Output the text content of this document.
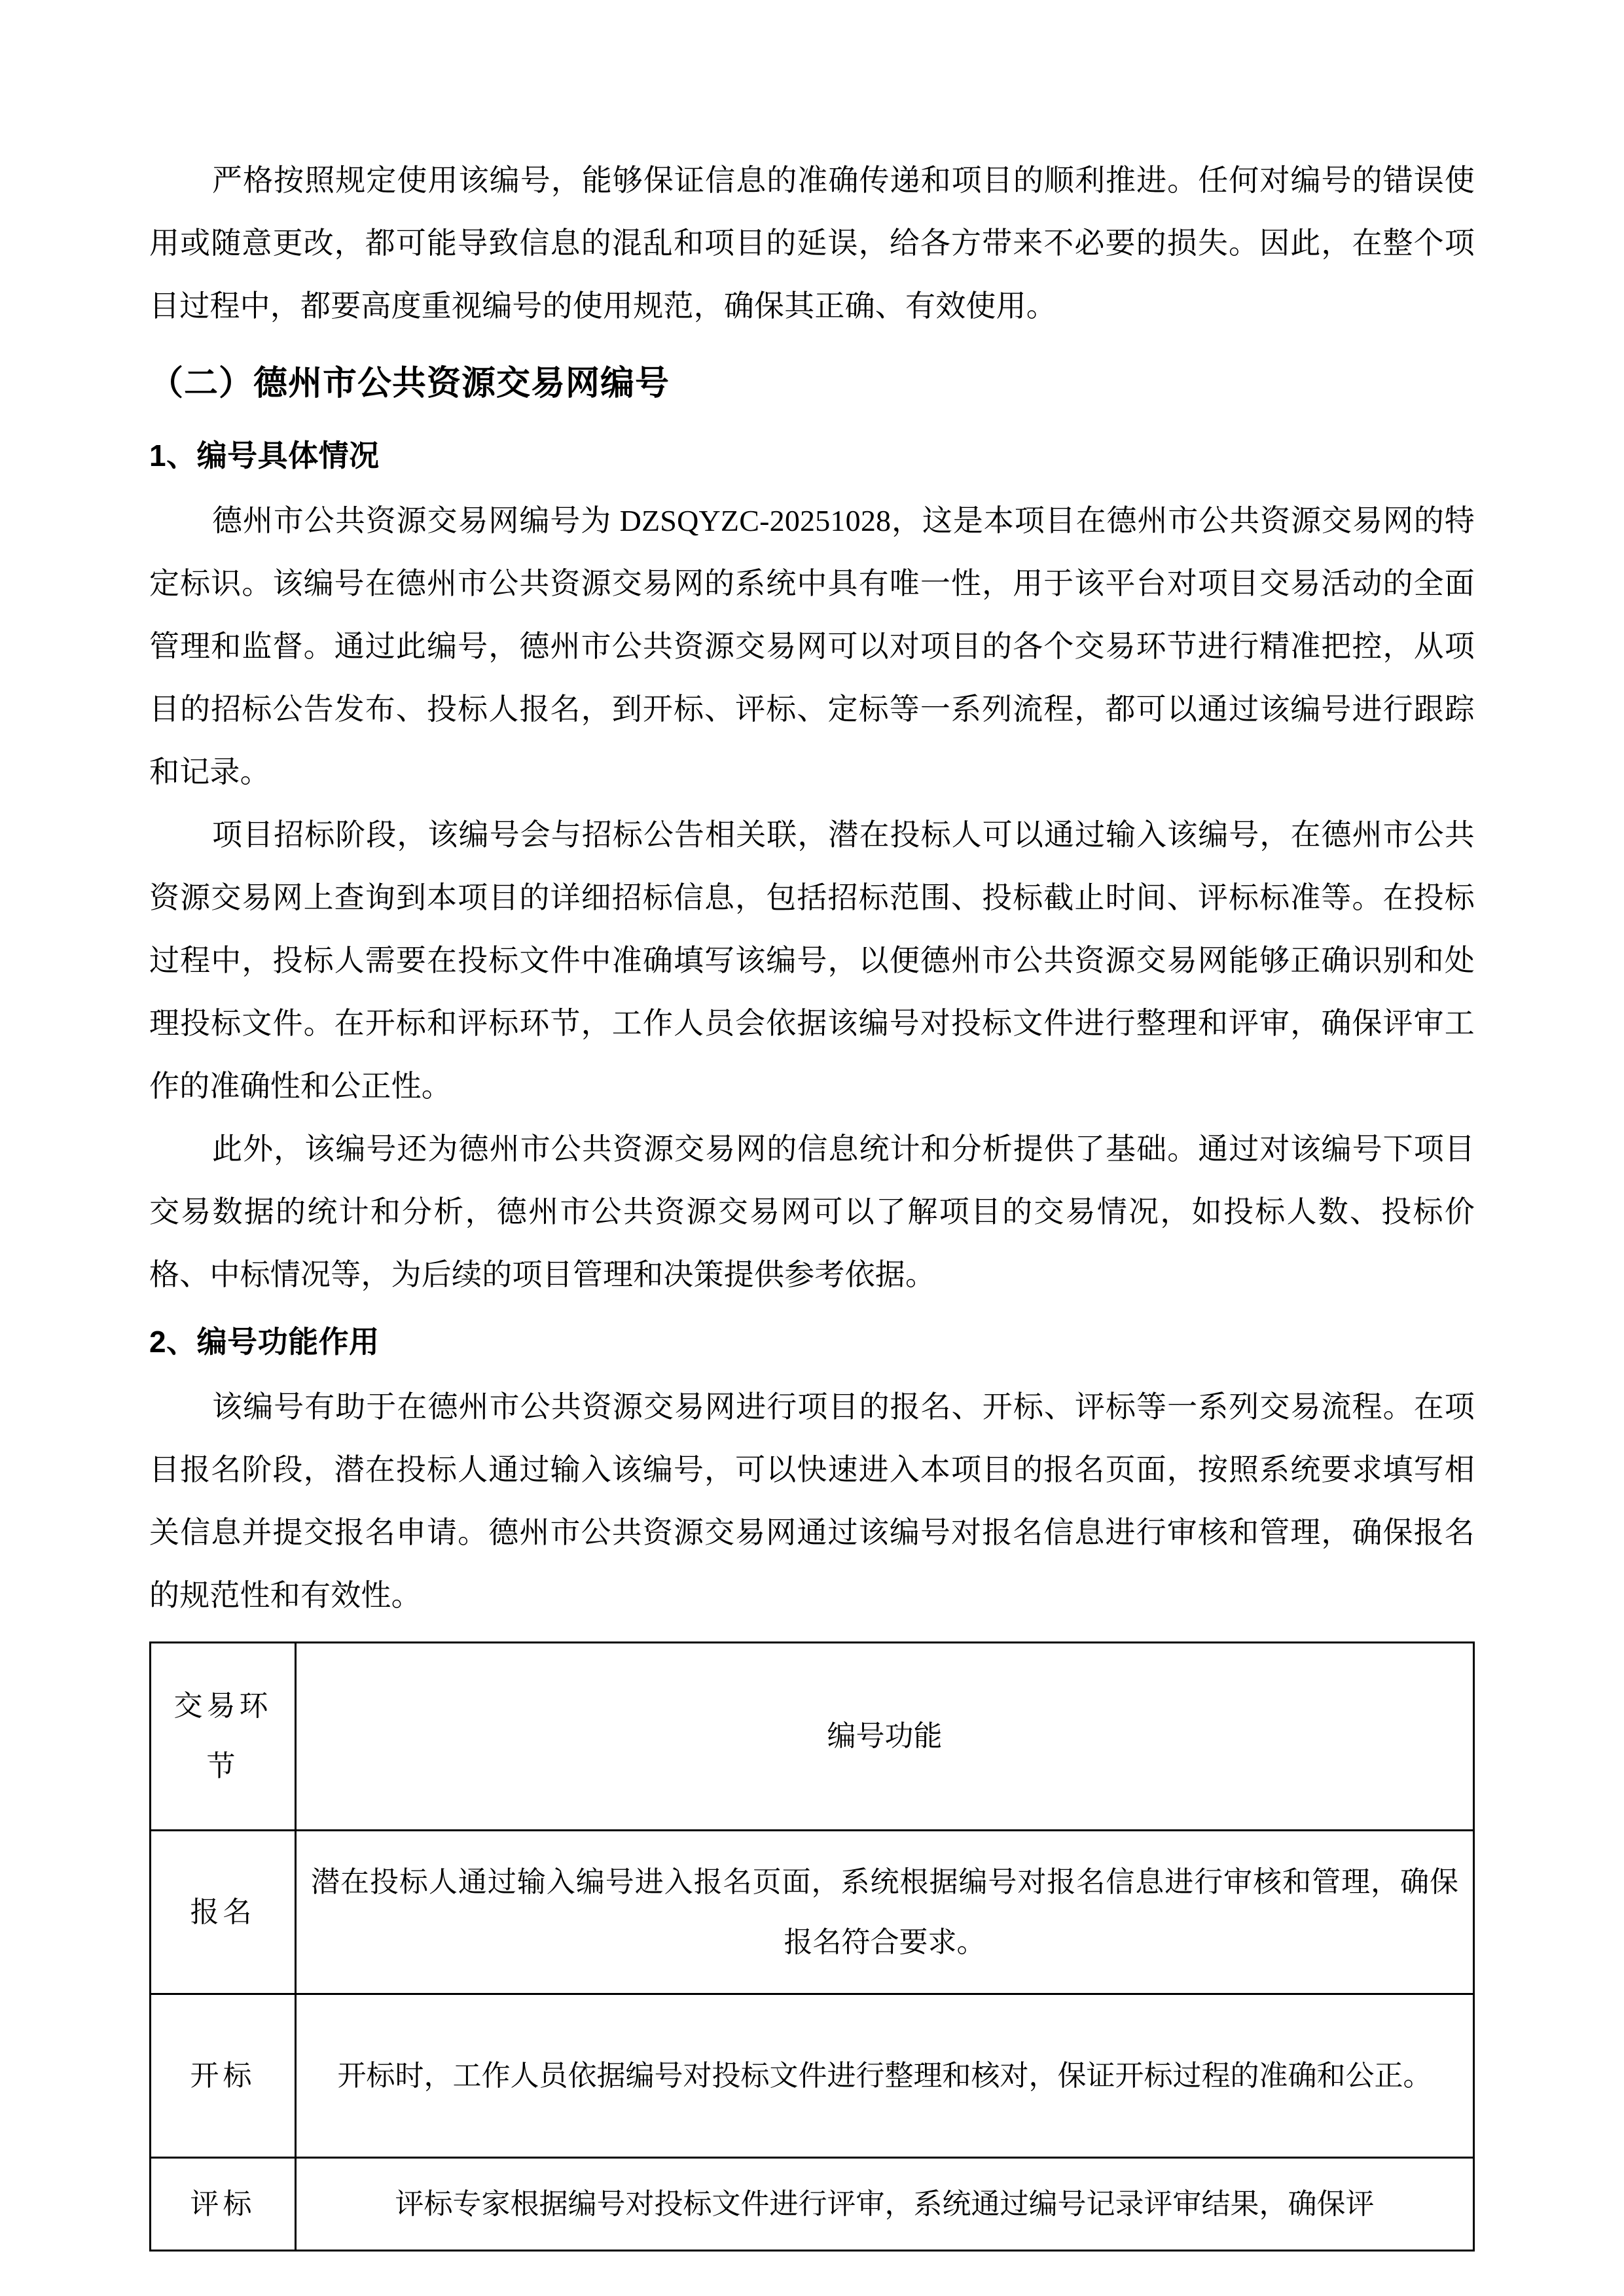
严格按照规定使用该编号，能够保证信息的准确传递和项目的顺利推进。任何对编号的错误使用或随意更改，都可能导致信息的混乱和项目的延误，给各方带来不必要的损失。因此，在整个项目过程中，都要高度重视编号的使用规范，确保其正确、有效使用。

（二）德州市公共资源交易网编号
1、编号具体情况

德州市公共资源交易网编号为 DZSQYZC-20251028，这是本项目在德州市公共资源交易网的特定标识。该编号在德州市公共资源交易网的系统中具有唯一性，用于该平台对项目交易活动的全面管理和监督。通过此编号，德州市公共资源交易网可以对项目的各个交易环节进行精准把控，从项目的招标公告发布、投标人报名，到开标、评标、定标等一系列流程，都可以通过该编号进行跟踪和记录。

项目招标阶段，该编号会与招标公告相关联，潜在投标人可以通过输入该编号，在德州市公共资源交易网上查询到本项目的详细招标信息，包括招标范围、投标截止时间、评标标准等。在投标过程中，投标人需要在投标文件中准确填写该编号，以便德州市公共资源交易网能够正确识别和处理投标文件。在开标和评标环节，工作人员会依据该编号对投标文件进行整理和评审，确保评审工作的准确性和公正性。

此外，该编号还为德州市公共资源交易网的信息统计和分析提供了基础。通过对该编号下项目交易数据的统计和分析，德州市公共资源交易网可以了解项目的交易情况，如投标人数、投标价格、中标情况等，为后续的项目管理和决策提供参考依据。

2、编号功能作用

该编号有助于在德州市公共资源交易网进行项目的报名、开标、评标等一系列交易流程。在项目报名阶段，潜在投标人通过输入该编号，可以快速进入本项目的报名页面，按照系统要求填写相关信息并提交报名申请。德州市公共资源交易网通过该编号对报名信息进行审核和管理，确保报名的规范性和有效性。

交易环节	编号功能
报名	潜在投标人通过输入编号进入报名页面，系统根据编号对报名信息进行审核和管理，确保报名符合要求。
开标	开标时，工作人员依据编号对投标文件进行整理和核对，保证开标过程的准确和公正。
评标	评标专家根据编号对投标文件进行评审，系统通过编号记录评审结果，确保评
